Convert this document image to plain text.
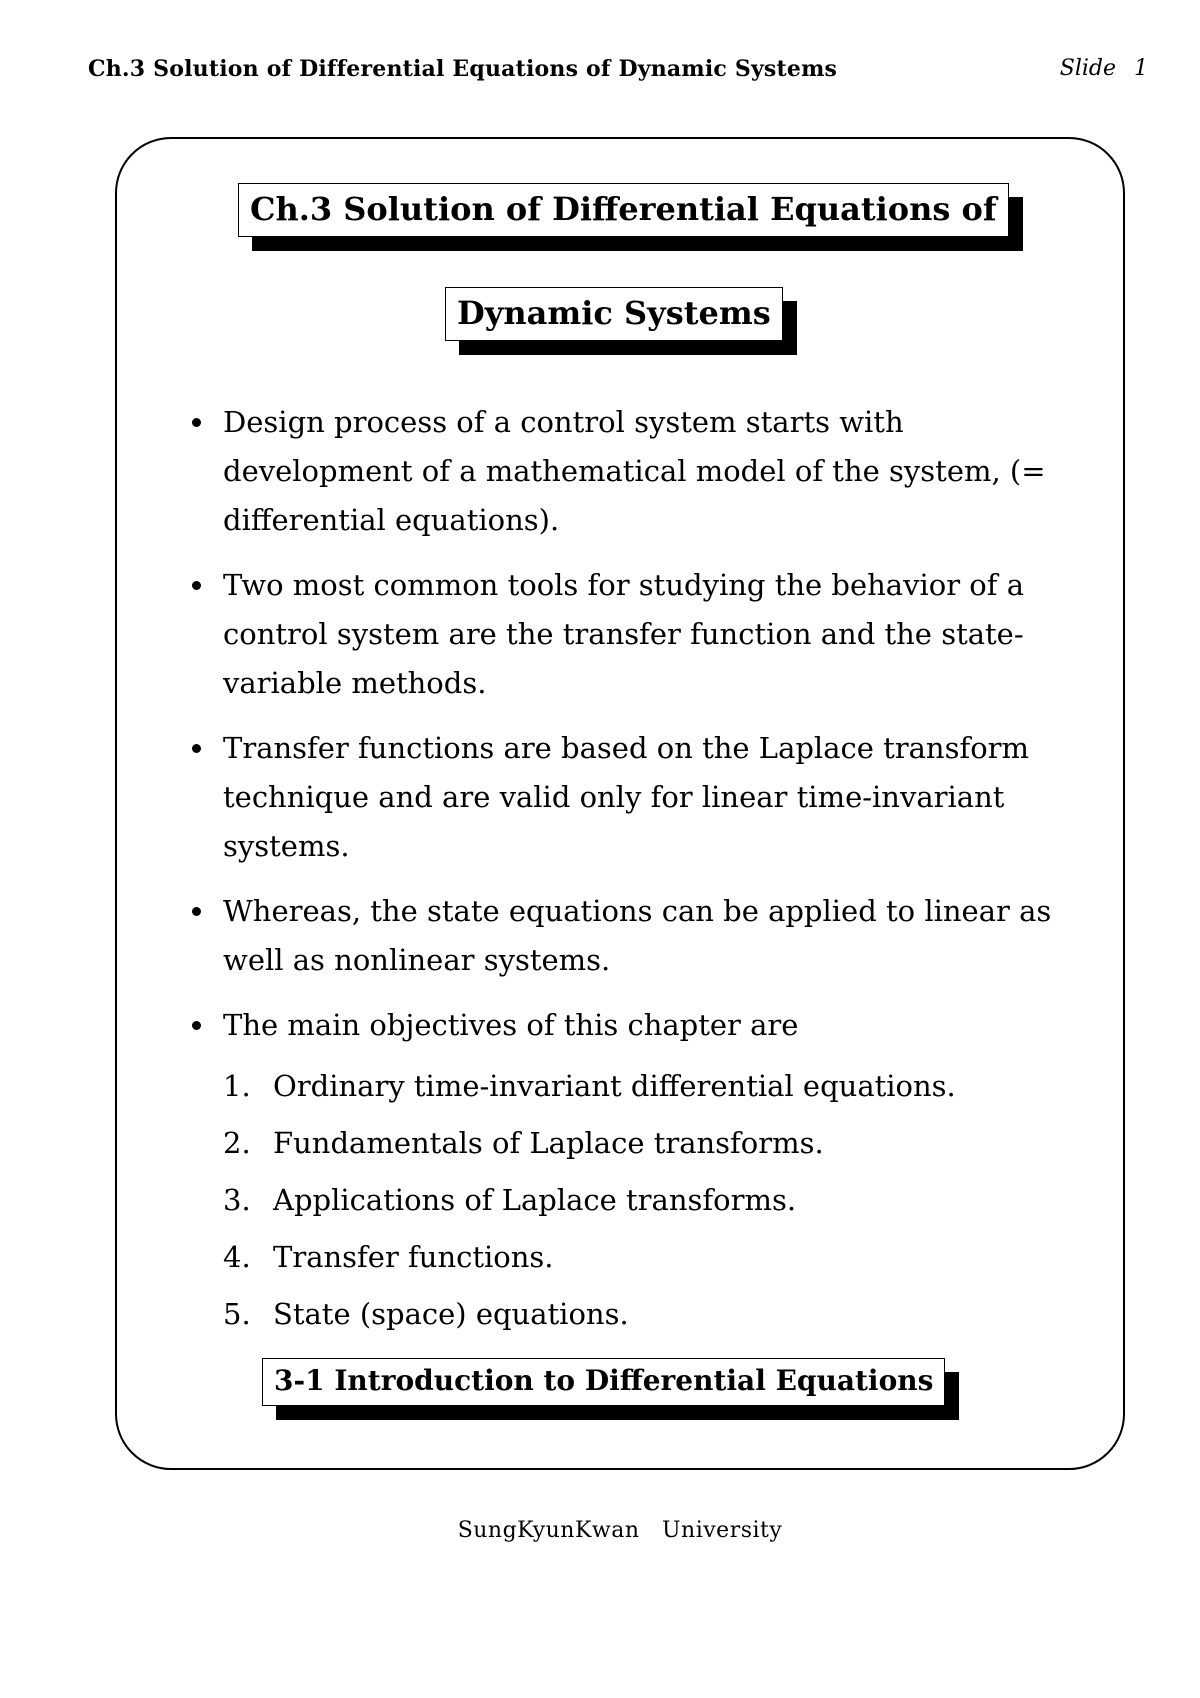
Ch.3 Solution of Differential Equations of Dynamic Systems	Slide 1
Ch.3 Solution of Differential Equations of
Dynamic Systems
Design process of a control system starts with development of a mathematical model of the system, (= differential equations).
Two most common tools for studying the behavior of a control system are the transfer function and the state-variable methods.
Transfer functions are based on the Laplace transform technique and are valid only for linear time-invariant systems.
Whereas, the state equations can be applied to linear as well as nonlinear systems.
The main objectives of this chapter are
1. Ordinary time-invariant differential equations.
2. Fundamentals of Laplace transforms.
3. Applications of Laplace transforms.
4. Transfer functions.
5. State (space) equations.
3-1 Introduction to Differential Equations
SungKyunKwan   University
